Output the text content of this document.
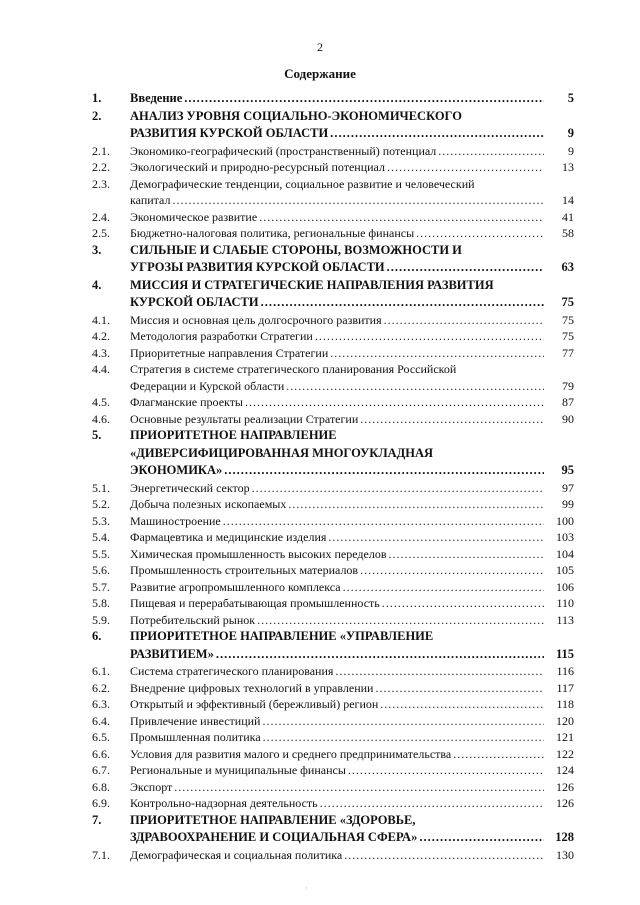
2
Содержание
1.	Введение .....	5
2.	АНАЛИЗ УРОВНЯ СОЦИАЛЬНО-ЭКОНОМИЧЕСКОГО
РАЗВИТИЯ КУРСКОЙ ОБЛАСТИ .....	9
2.1.	Экономико-географический (пространственный) потенциал .....	9
2.2.	Экологический и природно-ресурсный потенциал .....	13
2.3.	Демографические тенденции, социальное развитие и человеческий
капитал .....	14
2.4.	Экономическое развитие .....	41
2.5.	Бюджетно-налоговая политика, региональные финансы .....	58
3.	СИЛЬНЫЕ И СЛАБЫЕ СТОРОНЫ, ВОЗМОЖНОСТИ И
УГРОЗЫ РАЗВИТИЯ КУРСКОЙ ОБЛАСТИ .....	63
4.	МИССИЯ И СТРАТЕГИЧЕСКИЕ НАПРАВЛЕНИЯ РАЗВИТИЯ
КУРСКОЙ ОБЛАСТИ .....	75
4.1.	Миссия и основная цель долгосрочного развития .....	75
4.2.	Методология разработки Стратегии .....	75
4.3.	Приоритетные направления Стратегии .....	77
4.4.	Стратегия в системе стратегического планирования Российской
Федерации и Курской области .....	79
4.5.	Флагманские проекты .....	87
4.6.	Основные результаты реализации Стратегии .....	90
5.	ПРИОРИТЕТНОЕ НАПРАВЛЕНИЕ
«ДИВЕРСИФИЦИРОВАННАЯ МНОГОУКЛАДНАЯ
ЭКОНОМИКА» .....	95
5.1.	Энергетический сектор .....	97
5.2.	Добыча полезных ископаемых .....	99
5.3.	Машиностроение .....	100
5.4.	Фармацевтика и медицинские изделия .....	103
5.5.	Химическая промышленность высоких переделов .....	104
5.6.	Промышленность строительных материалов .....	105
5.7.	Развитие агропромышленного комплекса .....	106
5.8.	Пищевая и перерабатывающая промышленность .....	110
5.9.	Потребительский рынок .....	113
6.	ПРИОРИТЕТНОЕ НАПРАВЛЕНИЕ «УПРАВЛЕНИЕ
РАЗВИТИЕМ» .....	115
6.1.	Система стратегического планирования .....	116
6.2.	Внедрение цифровых технологий в управлении .....	117
6.3.	Открытый и эффективный (бережливый) регион .....	118
6.4.	Привлечение инвестиций .....	120
6.5.	Промышленная политика .....	121
6.6.	Условия для развития малого и среднего предпринимательства .....	122
6.7.	Региональные и муниципальные финансы .....	124
6.8.	Экспорт .....	126
6.9.	Контрольно-надзорная деятельность .....	126
7.	ПРИОРИТЕТНОЕ НАПРАВЛЕНИЕ «ЗДОРОВЬЕ,
ЗДРАВООХРАНЕНИЕ И СОЦИАЛЬНАЯ СФЕРА» .....	128
7.1.	Демографическая и социальная политика .....	130
·
